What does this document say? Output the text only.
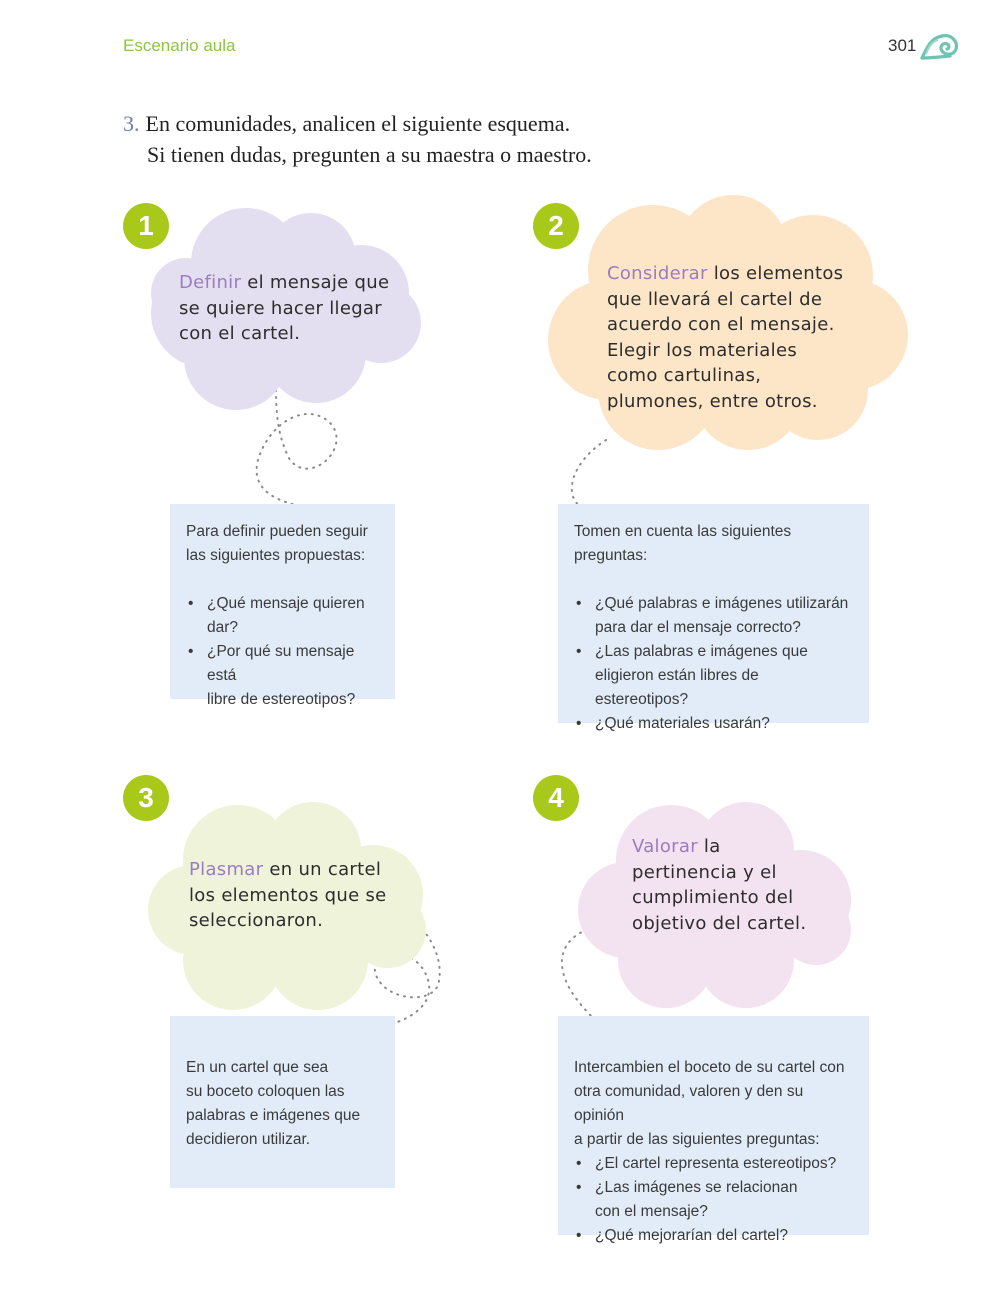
Escenario aula	301
3. En comunidades, analicen el siguiente esquema.
Si tienen dudas, pregunten a su maestra o maestro.
1
Definir el mensaje que
se quiere hacer llegar
con el cartel.

Para definir pueden seguir
las siguientes propuestas:

• ¿Qué mensaje quieren
dar?
• ¿Por qué su mensaje está
libre de estereotipos?
2
Considerar los elementos
que llevará el cartel de
acuerdo con el mensaje.
Elegir los materiales
como cartulinas,
plumones, entre otros.

Tomen en cuenta las siguientes
preguntas:

• ¿Qué palabras e imágenes utilizarán
para dar el mensaje correcto?
• ¿Las palabras e imágenes que
eligieron están libres de estereotipos?
• ¿Qué materiales usarán?
3
Plasmar en un cartel
los elementos que se
seleccionaron.

En un cartel que sea
su boceto coloquen las
palabras e imágenes que
decidieron utilizar.

4
Valorar la
pertinencia y el
cumplimiento del
objetivo del cartel.

Intercambien el boceto de su cartel con
otra comunidad, valoren y den su opinión
a partir de las siguientes preguntas:

• ¿El cartel representa estereotipos?
• ¿Las imágenes se relacionan
con el mensaje?
• ¿Qué mejorarían del cartel?
